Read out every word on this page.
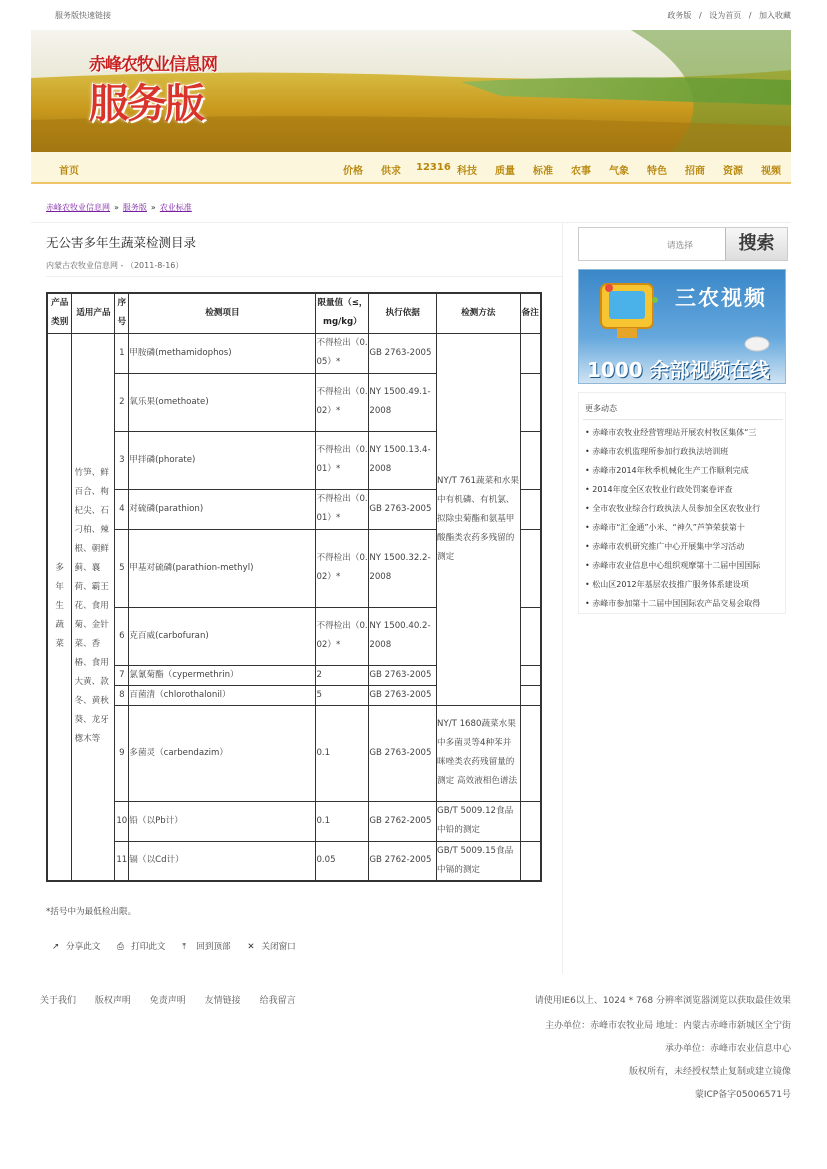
服务版快速链接	政务版 / 设为首页 / 加入收藏
赤峰农牧业信息网
服务版
首页	价格 供求 12316 科技 质量 标准 农事 气象 特色 招商 资源 视频
赤峰农牧业信息网 » 服务版 » 农业标准
无公害多年生蔬菜检测目录
内蒙古农牧业信息网 - （2011-8-16）
产品类别	适用产品	序号	检测项目	限量值（≤，mg/kg）	执行依据	检测方法	备注
多年生蔬菜	竹笋、鲜百合、枸杞尖、石刁柏、辣根、朝鲜蓟、襄荷、霸王花、食用菊、金针菜、香椿、食用大黄、款冬、黄秋葵、龙牙楤木等	1	甲胺磷(methamidophos)	不得检出（0.05）*	GB 2763-2005	NY/T 761蔬菜和水果中有机磷、有机氯、拟除虫菊酯和氨基甲酸酯类农药多残留的测定	
		2	氧乐果(omethoate)	不得检出（0.02）*	NY 1500.49.1-2008		
		3	甲拌磷(phorate)	不得检出（0.01）*	NY 1500.13.4-2008		
		4	对硫磷(parathion)	不得检出（0.01）*	GB 2763-2005		
		5	甲基对硫磷(parathion-methyl)	不得检出（0.02）*	NY 1500.32.2-2008		
		6	克百威(carbofuran)	不得检出（0.02）*	NY 1500.40.2-2008		
		7	氯氰菊酯（cypermethrin）	2	GB 2763-2005		
		8	百菌清（chlorothalonil）	5	GB 2763-2005		
		9	多菌灵（carbendazim）	0.1	GB 2763-2005	NY/T 1680蔬菜水果中多菌灵等4种苯并咪唑类农药残留量的测定 高效液相色谱法	
		10	铅（以Pb计）	0.1	GB 2762-2005	GB/T 5009.12食品中铅的测定	
		11	镉（以Cd计）	0.05	GB 2762-2005	GB/T 5009.15食品中镉的测定	
*括号中为最低检出限。
↗ 分享此文 ⎙ 打印此文 ⤒ 回到顶部 ✕ 关闭窗口
请选择	搜索
三农视频
1000 余部视频在线
更多动态
• 赤峰市农牧业经营管理站开展农村牧区集体“三
• 赤峰市农机监理所参加行政执法培训班
• 赤峰市2014年秋季机械化生产工作顺利完成
• 2014年度全区农牧业行政处罚案卷评查
• 全市农牧业综合行政执法人员参加全区农牧业行
• 赤峰市“汇金通”小米、“神久”芦笋荣获第十
• 赤峰市农机研究推广中心开展集中学习活动
• 赤峰市农业信息中心组织观摩第十二届中国国际
• 松山区2012年基层农技推广服务体系建设项
• 赤峰市参加第十二届中国国际农产品交易会取得
关于我们 版权声明 免责声明 友情链接 给我留言	请使用IE6以上、1024 * 768 分辨率浏览器浏览以获取最佳效果
主办单位：赤峰市农牧业局 地址：内蒙古赤峰市新城区全宁街
承办单位：赤峰市农业信息中心
版权所有，未经授权禁止复制或建立镜像
蒙ICP备字05006571号
